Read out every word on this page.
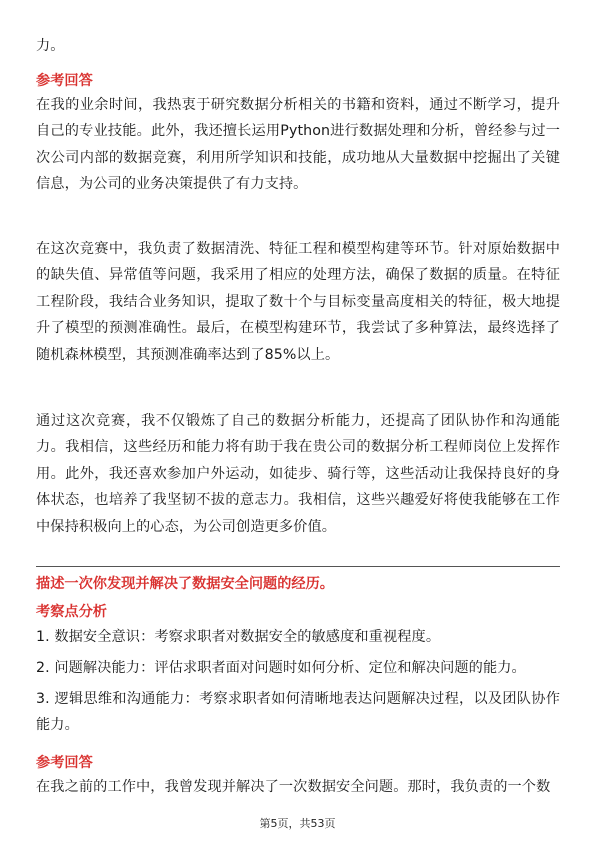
力。

参考回答

在我的业余时间，我热衷于研究数据分析相关的书籍和资料，通过不断学习，提升自己的专业技能。此外，我还擅长运用Python进行数据处理和分析，曾经参与过一次公司内部的数据竞赛，利用所学知识和技能，成功地从大量数据中挖掘出了关键信息，为公司的业务决策提供了有力支持。

在这次竞赛中，我负责了数据清洗、特征工程和模型构建等环节。针对原始数据中的缺失值、异常值等问题，我采用了相应的处理方法，确保了数据的质量。在特征工程阶段，我结合业务知识，提取了数十个与目标变量高度相关的特征，极大地提升了模型的预测准确性。最后，在模型构建环节，我尝试了多种算法，最终选择了随机森林模型，其预测准确率达到了85%以上。

通过这次竞赛，我不仅锻炼了自己的数据分析能力，还提高了团队协作和沟通能力。我相信，这些经历和能力将有助于我在贵公司的数据分析工程师岗位上发挥作用。此外，我还喜欢参加户外运动，如徒步、骑行等，这些活动让我保持良好的身体状态，也培养了我坚韧不拔的意志力。我相信，这些兴趣爱好将使我能够在工作中保持积极向上的心态，为公司创造更多价值。

描述一次你发现并解决了数据安全问题的经历。
考察点分析

1. 数据安全意识：考察求职者对数据安全的敏感度和重视程度。

2. 问题解决能力：评估求职者面对问题时如何分析、定位和解决问题的能力。

3. 逻辑思维和沟通能力：考察求职者如何清晰地表达问题解决过程，以及团队协作能力。

参考回答

在我之前的工作中，我曾发现并解决了一次数据安全问题。那时，我负责的一个数

第5页，共53页
